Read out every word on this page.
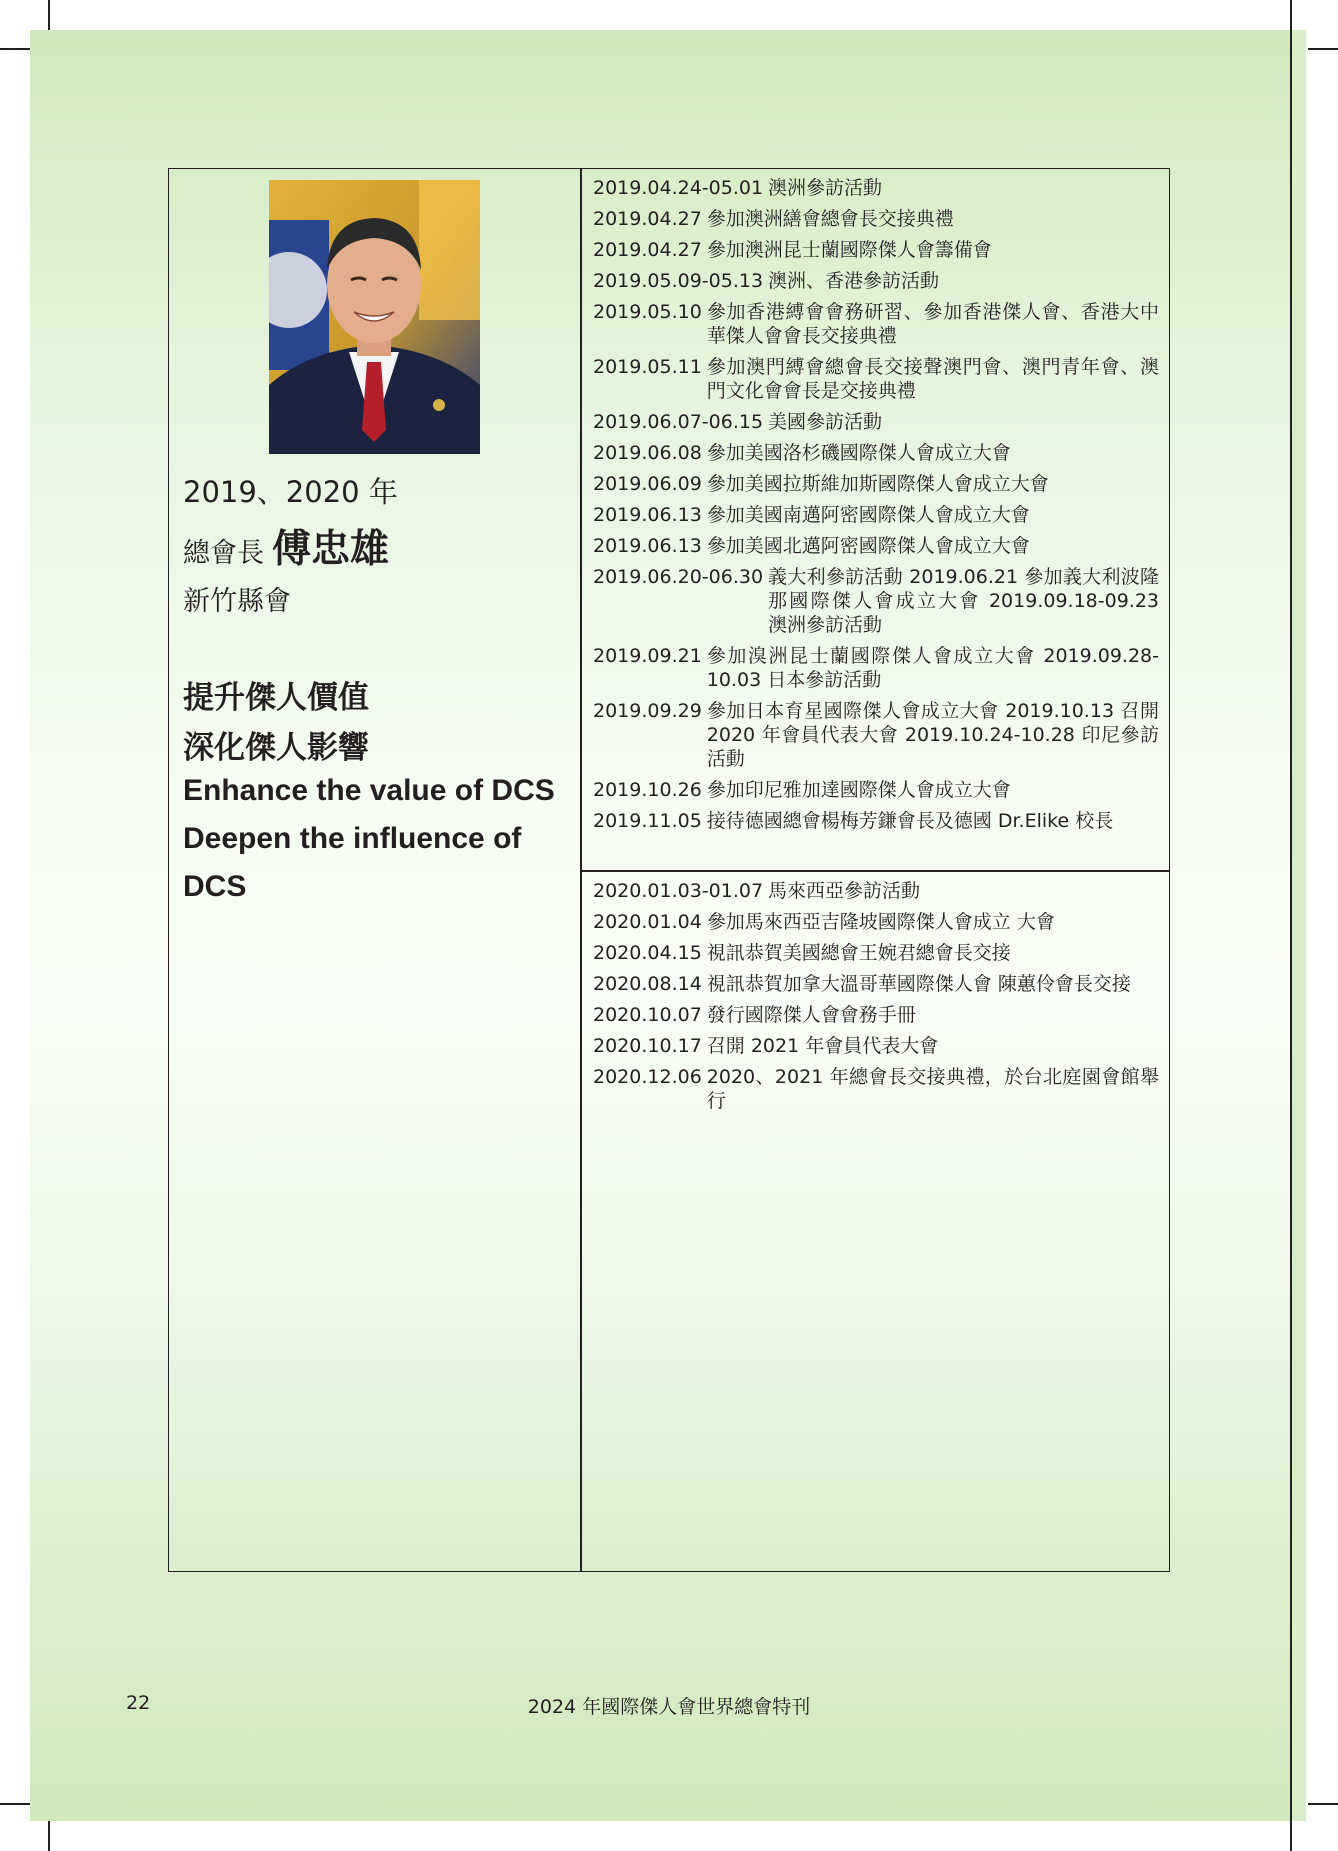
2019、2020 年
總會長 傅忠雄
新竹縣會
提升傑人價值
深化傑人影響
Enhance the value of DCS
Deepen the influence of DCS
2019.04.24-05.01 澳洲參訪活動
2019.04.27 參加澳洲繕會總會長交接典禮
2019.04.27 參加澳洲昆士蘭國際傑人會籌備會
2019.05.09-05.13 澳洲、香港參訪活動
2019.05.10 參加香港縛會會務研習、參加香港傑人會、香港大中華傑人會會長交接典禮
2019.05.11 參加澳門縛會總會長交接聲澳門會、澳門青年會、澳門文化會會長是交接典禮
2019.06.07-06.15 美國參訪活動
2019.06.08 參加美國洛杉磯國際傑人會成立大會
2019.06.09 參加美國拉斯維加斯國際傑人會成立大會
2019.06.13 參加美國南邁阿密國際傑人會成立大會
2019.06.13 參加美國北邁阿密國際傑人會成立大會
2019.06.20-06.30 義大利參訪活動 2019.06.21 參加義大利波隆那國際傑人會成立大會 2019.09.18-09.23 澳洲參訪活動
2019.09.21 參加溴洲昆士蘭國際傑人會成立大會 2019.09.28-10.03 日本參訪活動
2019.09.29 參加日本育星國際傑人會成立大會 2019.10.13 召開 2020 年會員代表大會 2019.10.24-10.28 印尼參訪活動
2019.10.26 參加印尼雅加達國際傑人會成立大會
2019.11.05 接待德國總會楊梅芳鎌會長及德國 Dr.Elike 校長
2020.01.03-01.07 馬來西亞參訪活動
2020.01.04 參加馬來西亞吉隆坡國際傑人會成立 大會
2020.04.15 視訊恭賀美國總會王婉君總會長交接
2020.08.14 視訊恭賀加拿大溫哥華國際傑人會 陳蕙伶會長交接
2020.10.07 發行國際傑人會會務手冊
2020.10.17 召開 2021 年會員代表大會
2020.12.06 2020、2021 年總會長交接典禮，於台北庭園會館舉行
22	2024 年國際傑人會世界總會特刊
